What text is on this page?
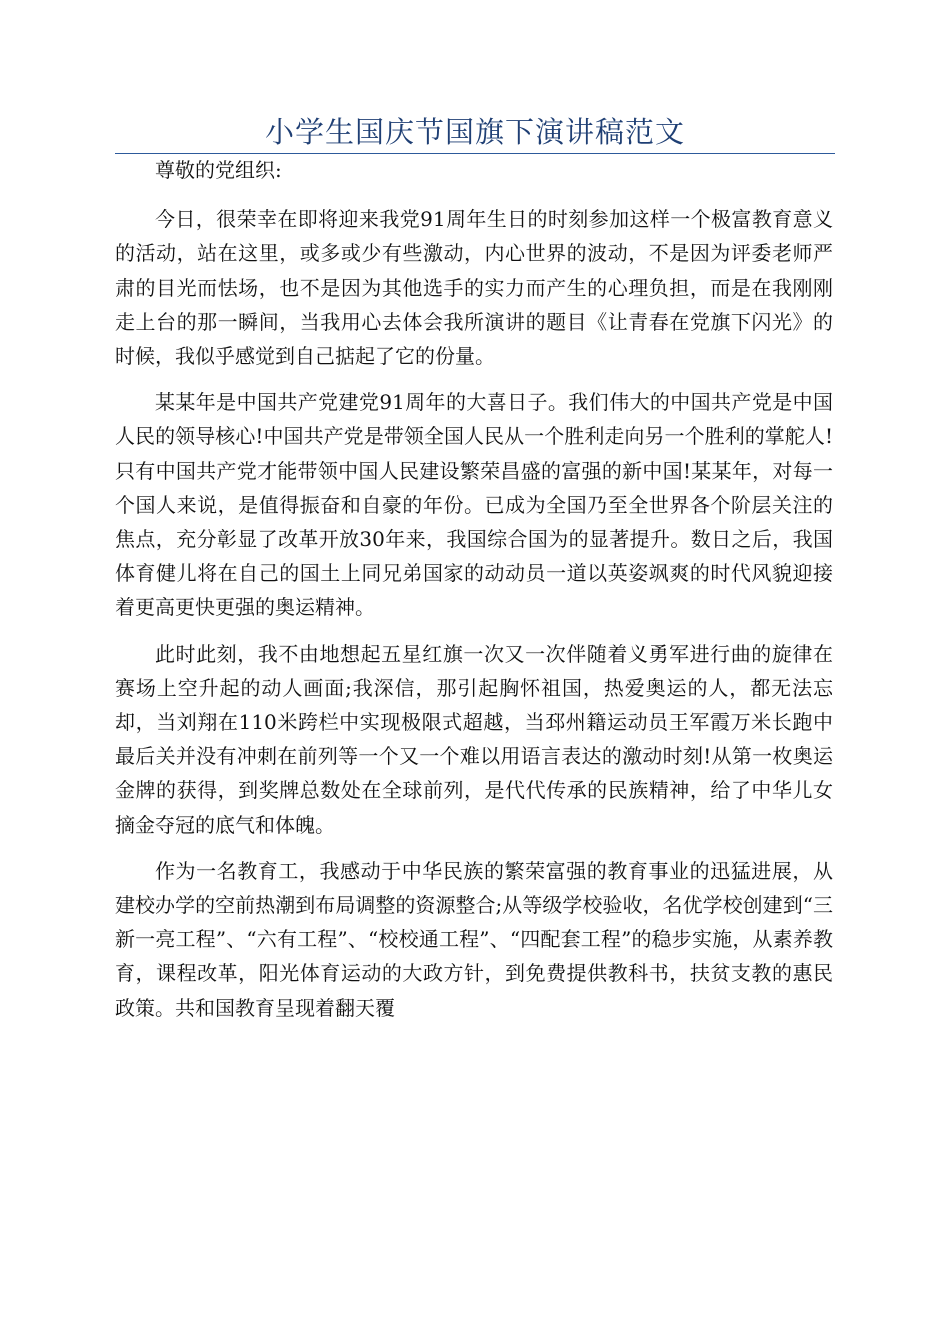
小学生国庆节国旗下演讲稿范文

尊敬的党组织:

今日，很荣幸在即将迎来我党91周年生日的时刻参加这样一个极富教育意义的活动，站在这里，或多或少有些激动，内心世界的波动，不是因为评委老师严肃的目光而怯场，也不是因为其他选手的实力而产生的心理负担，而是在我刚刚走上台的那一瞬间，当我用心去体会我所演讲的题目《让青春在党旗下闪光》的时候，我似乎感觉到自己掂起了它的份量。

某某年是中国共产党建党91周年的大喜日子。我们伟大的中国共产党是中国人民的领导核心!中国共产党是带领全国人民从一个胜利走向另一个胜利的掌舵人!只有中国共产党才能带领中国人民建设繁荣昌盛的富强的新中国!某某年，对每一个国人来说，是值得振奋和自豪的年份。已成为全国乃至全世界各个阶层关注的焦点，充分彰显了改革开放30年来，我国综合国为的显著提升。数日之后，我国体育健儿将在自己的国土上同兄弟国家的动动员一道以英姿飒爽的时代风貌迎接着更高更快更强的奥运精神。

此时此刻，我不由地想起五星红旗一次又一次伴随着义勇军进行曲的旋律在赛场上空升起的动人画面;我深信，那引起胸怀祖国，热爱奥运的人，都无法忘却，当刘翔在110米跨栏中实现极限式超越，当邳州籍运动员王军霞万米长跑中最后关并没有冲刺在前列等一个又一个难以用语言表达的激动时刻!从第一枚奥运金牌的获得，到奖牌总数处在全球前列，是代代传承的民族精神，给了中华儿女摘金夺冠的底气和体魄。

作为一名教育工，我感动于中华民族的繁荣富强的教育事业的迅猛进展，从建校办学的空前热潮到布局调整的资源整合;从等级学校验收，名优学校创建到“三新一亮工程”、“六有工程”、“校校通工程”、“四配套工程”的稳步实施，从素养教育，课程改革，阳光体育运动的大政方针，到免费提供教科书，扶贫支教的惠民政策。共和国教育呈现着翻天覆
